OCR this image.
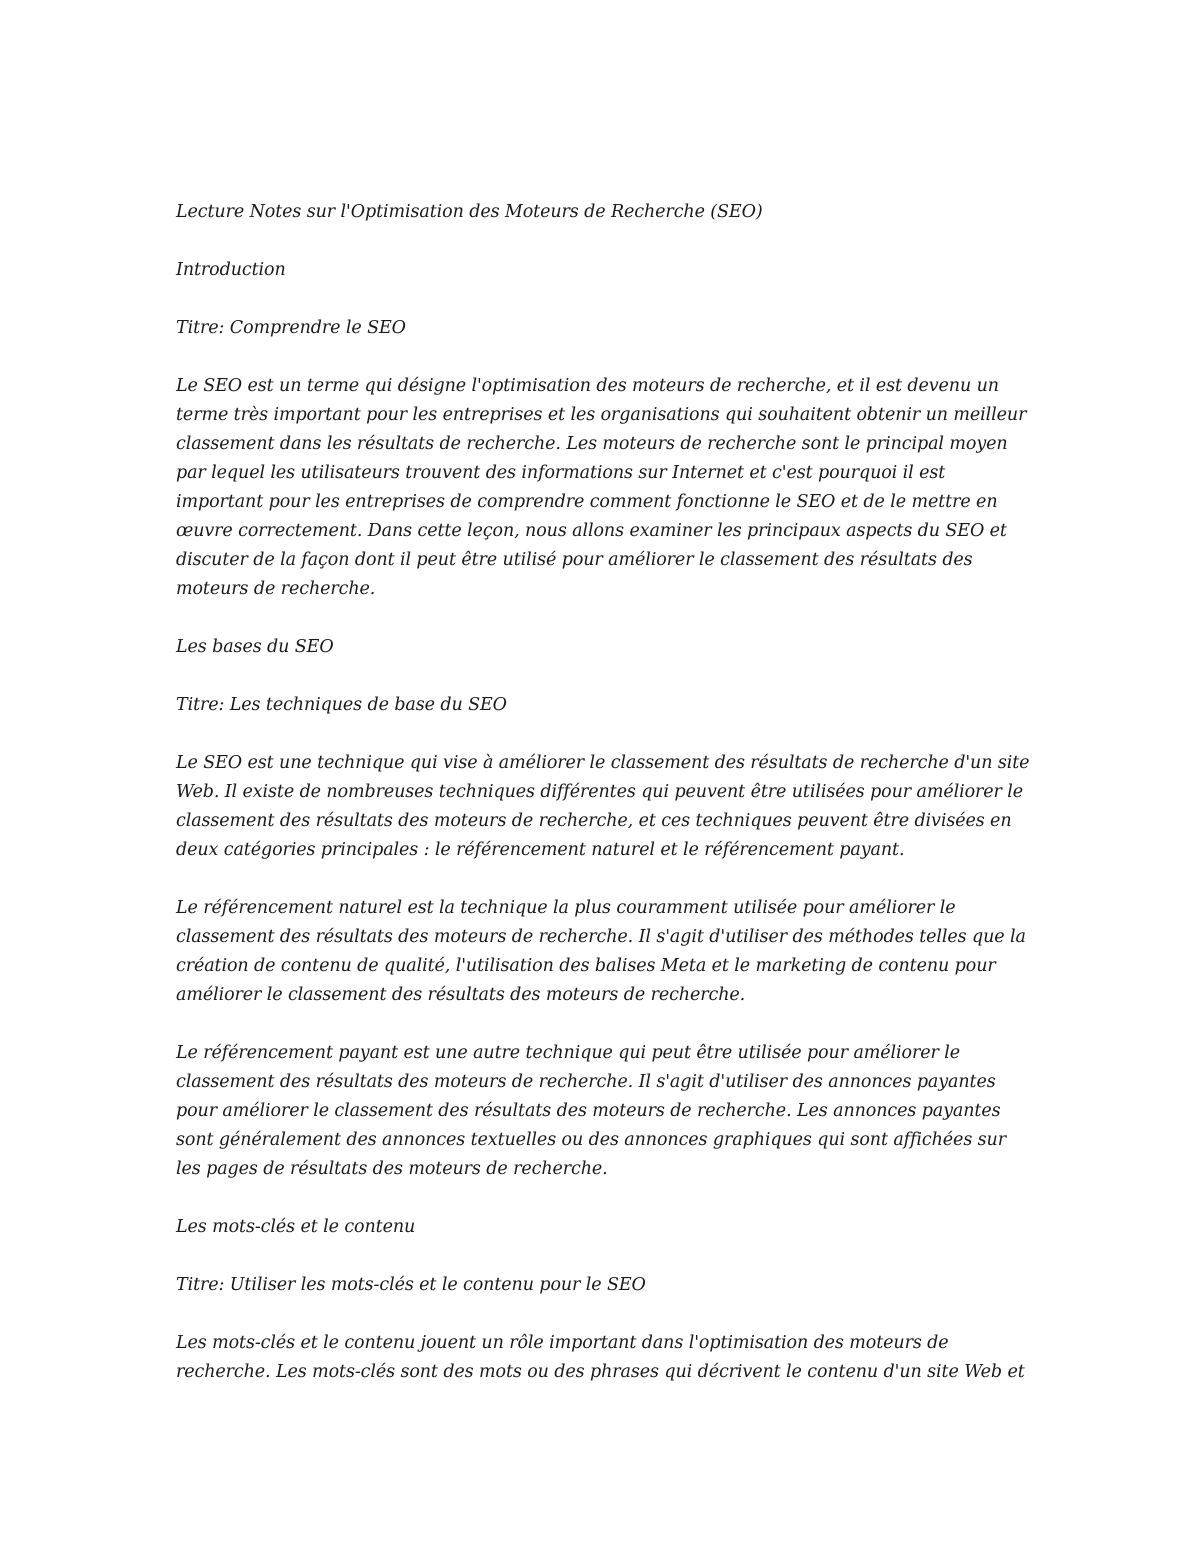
Lecture Notes sur l'Optimisation des Moteurs de Recherche (SEO)

Introduction

Titre: Comprendre le SEO

Le SEO est un terme qui désigne l'optimisation des moteurs de recherche, et il est devenu un terme très important pour les entreprises et les organisations qui souhaitent obtenir un meilleur classement dans les résultats de recherche. Les moteurs de recherche sont le principal moyen par lequel les utilisateurs trouvent des informations sur Internet et c'est pourquoi il est important pour les entreprises de comprendre comment fonctionne le SEO et de le mettre en œuvre correctement. Dans cette leçon, nous allons examiner les principaux aspects du SEO et discuter de la façon dont il peut être utilisé pour améliorer le classement des résultats des moteurs de recherche.

Les bases du SEO

Titre: Les techniques de base du SEO

Le SEO est une technique qui vise à améliorer le classement des résultats de recherche d'un site Web. Il existe de nombreuses techniques différentes qui peuvent être utilisées pour améliorer le classement des résultats des moteurs de recherche, et ces techniques peuvent être divisées en deux catégories principales : le référencement naturel et le référencement payant.

Le référencement naturel est la technique la plus couramment utilisée pour améliorer le classement des résultats des moteurs de recherche. Il s'agit d'utiliser des méthodes telles que la création de contenu de qualité, l'utilisation des balises Meta et le marketing de contenu pour améliorer le classement des résultats des moteurs de recherche.

Le référencement payant est une autre technique qui peut être utilisée pour améliorer le classement des résultats des moteurs de recherche. Il s'agit d'utiliser des annonces payantes pour améliorer le classement des résultats des moteurs de recherche. Les annonces payantes sont généralement des annonces textuelles ou des annonces graphiques qui sont affichées sur les pages de résultats des moteurs de recherche.

Les mots-clés et le contenu

Titre: Utiliser les mots-clés et le contenu pour le SEO

Les mots-clés et le contenu jouent un rôle important dans l'optimisation des moteurs de recherche. Les mots-clés sont des mots ou des phrases qui décrivent le contenu d'un site Web et
